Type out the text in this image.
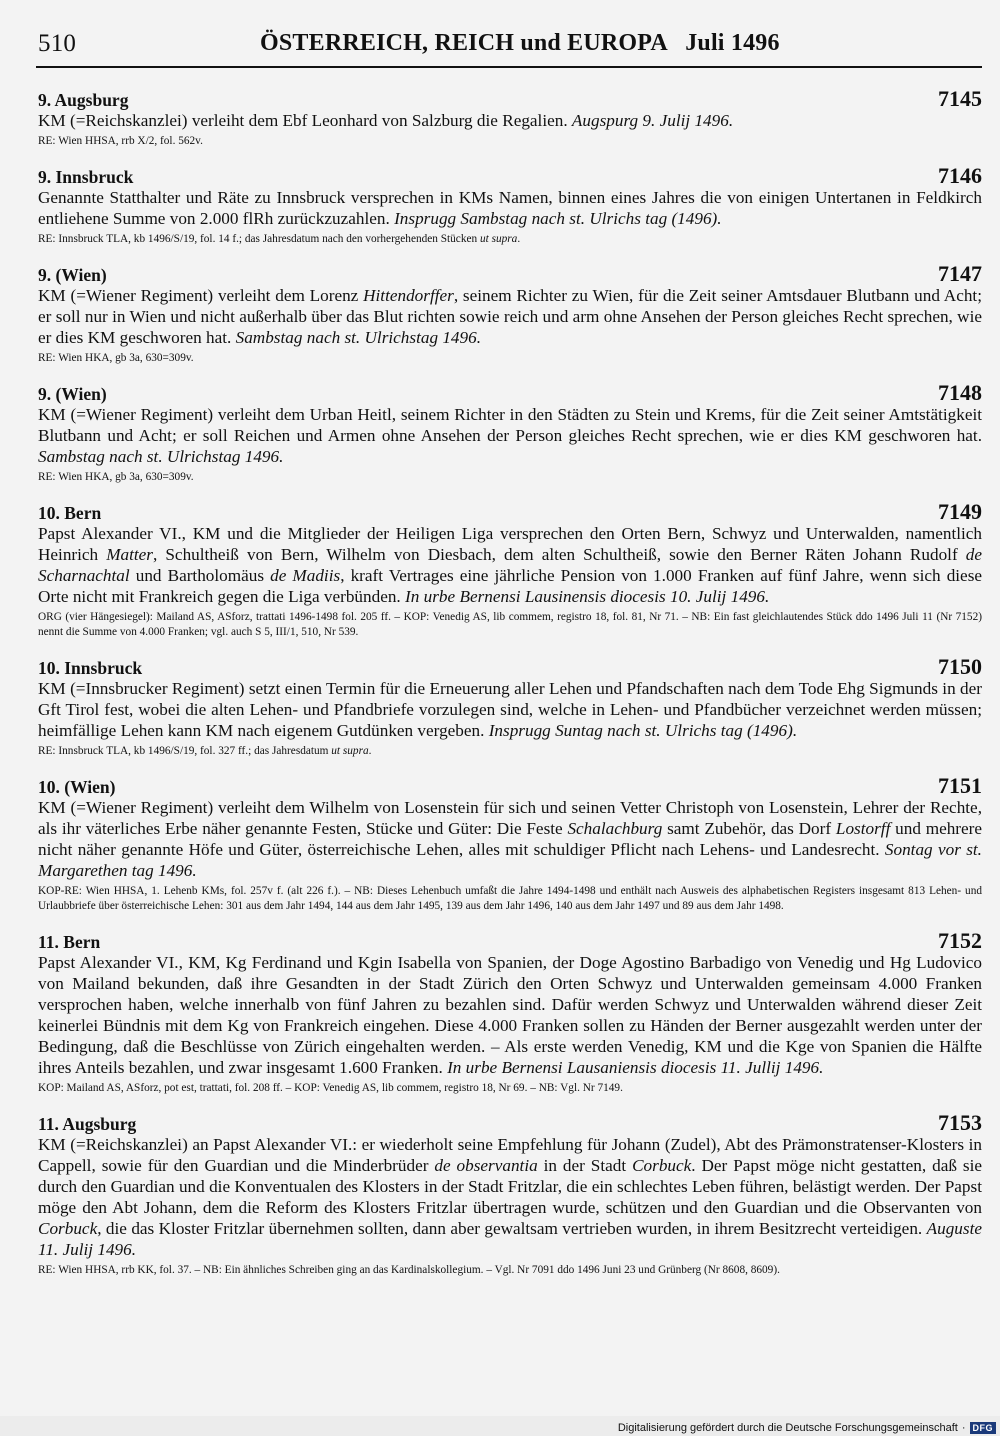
510	ÖSTERREICH, REICH und EUROPA   Juli 1496
9. Augsburg	7145
KM (=Reichskanzlei) verleiht dem Ebf Leonhard von Salzburg die Regalien. Augspurg 9. Julij 1496.
RE: Wien HHSA, rrb X/2, fol. 562v.
9. Innsbruck	7146
Genannte Statthalter und Räte zu Innsbruck versprechen in KMs Namen, binnen eines Jahres die von einigen Untertanen in Feldkirch entliehene Summe von 2.000 flRh zurückzuzahlen. Insprugg Sambstag nach st. Ulrichs tag (1496).
RE: Innsbruck TLA, kb 1496/S/19, fol. 14 f.; das Jahresdatum nach den vorhergehenden Stücken ut supra.
9. (Wien)	7147
KM (=Wiener Regiment) verleiht dem Lorenz Hittendorffer, seinem Richter zu Wien, für die Zeit seiner Amtsdauer Blutbann und Acht; er soll nur in Wien und nicht außerhalb über das Blut richten sowie reich und arm ohne Ansehen der Person gleiches Recht sprechen, wie er dies KM geschworen hat. Sambstag nach st. Ulrichstag 1496.
RE: Wien HKA, gb 3a, 630=309v.
9. (Wien)	7148
KM (=Wiener Regiment) verleiht dem Urban Heitl, seinem Richter in den Städten zu Stein und Krems, für die Zeit seiner Amtstätigkeit Blutbann und Acht; er soll Reichen und Armen ohne Ansehen der Person gleiches Recht sprechen, wie er dies KM geschworen hat. Sambstag nach st. Ulrichstag 1496.
RE: Wien HKA, gb 3a, 630=309v.
10. Bern	7149
Papst Alexander VI., KM und die Mitglieder der Heiligen Liga versprechen den Orten Bern, Schwyz und Unterwalden, namentlich Heinrich Matter, Schultheiß von Bern, Wilhelm von Diesbach, dem alten Schultheiß, sowie den Berner Räten Johann Rudolf de Scharnachtal und Bartholomäus de Madiis, kraft Vertrages eine jährliche Pension von 1.000 Franken auf fünf Jahre, wenn sich diese Orte nicht mit Frankreich gegen die Liga verbünden. In urbe Bernensi Lausinensis diocesis 10. Julij 1496.
ORG (vier Hängesiegel): Mailand AS, ASforz, trattati 1496-1498 fol. 205 ff. – KOP: Venedig AS, lib commem, registro 18, fol. 81, Nr 71. – NB: Ein fast gleichlautendes Stück ddo 1496 Juli 11 (Nr 7152) nennt die Summe von 4.000 Franken; vgl. auch S 5, III/1, 510, Nr 539.
10. Innsbruck	7150
KM (=Innsbrucker Regiment) setzt einen Termin für die Erneuerung aller Lehen und Pfandschaften nach dem Tode Ehg Sigmunds in der Gft Tirol fest, wobei die alten Lehen- und Pfandbriefe vorzulegen sind, welche in Lehen- und Pfandbücher verzeichnet werden müssen; heimfällige Lehen kann KM nach eigenem Gutdünken vergeben. Insprugg Suntag nach st. Ulrichs tag (1496).
RE: Innsbruck TLA, kb 1496/S/19, fol. 327 ff.; das Jahresdatum ut supra.
10. (Wien)	7151
KM (=Wiener Regiment) verleiht dem Wilhelm von Losenstein für sich und seinen Vetter Christoph von Losenstein, Lehrer der Rechte, als ihr väterliches Erbe näher genannte Festen, Stücke und Güter: Die Feste Schalachburg samt Zubehör, das Dorf Lostorff und mehrere nicht näher genannte Höfe und Güter, österreichische Lehen, alles mit schuldiger Pflicht nach Lehens- und Landesrecht. Sontag vor st. Margarethen tag 1496.
KOP-RE: Wien HHSA, 1. Lehenb KMs, fol. 257v f. (alt 226 f.). – NB: Dieses Lehenbuch umfaßt die Jahre 1494-1498 und enthält nach Ausweis des alphabetischen Registers insgesamt 813 Lehen- und Urlaubbriefe über österreichische Lehen: 301 aus dem Jahr 1494, 144 aus dem Jahr 1495, 139 aus dem Jahr 1496, 140 aus dem Jahr 1497 und 89 aus dem Jahr 1498.
11. Bern	7152
Papst Alexander VI., KM, Kg Ferdinand und Kgin Isabella von Spanien, der Doge Agostino Barbadigo von Venedig und Hg Ludovico von Mailand bekunden, daß ihre Gesandten in der Stadt Zürich den Orten Schwyz und Unterwalden gemeinsam 4.000 Franken versprochen haben, welche innerhalb von fünf Jahren zu bezahlen sind. Dafür werden Schwyz und Unterwalden während dieser Zeit keinerlei Bündnis mit dem Kg von Frankreich eingehen. Diese 4.000 Franken sollen zu Händen der Berner ausgezahlt werden unter der Bedingung, daß die Beschlüsse von Zürich eingehalten werden. – Als erste werden Venedig, KM und die Kge von Spanien die Hälfte ihres Anteils bezahlen, und zwar insgesamt 1.600 Franken. In urbe Bernensi Lausaniensis diocesis 11. Jullij 1496.
KOP: Mailand AS, ASforz, pot est, trattati, fol. 208 ff. – KOP: Venedig AS, lib commem, registro 18, Nr 69. – NB: Vgl. Nr 7149.
11. Augsburg	7153
KM (=Reichskanzlei) an Papst Alexander VI.: er wiederholt seine Empfehlung für Johann (Zudel), Abt des Prämonstratenser-Klosters in Cappell, sowie für den Guardian und die Minderbrüder de observantia in der Stadt Corbuck. Der Papst möge nicht gestatten, daß sie durch den Guardian und die Konventualen des Klosters in der Stadt Fritzlar, die ein schlechtes Leben führen, belästigt werden. Der Papst möge den Abt Johann, dem die Reform des Klosters Fritzlar übertragen wurde, schützen und den Guardian und die Observanten von Corbuck, die das Kloster Fritzlar übernehmen sollten, dann aber gewaltsam vertrieben wurden, in ihrem Besitzrecht verteidigen. Auguste 11. Julij 1496.
RE: Wien HHSA, rrb KK, fol. 37. – NB: Ein ähnliches Schreiben ging an das Kardinalskollegium. – Vgl. Nr 7091 ddo 1496 Juni 23 und Grünberg (Nr 8608, 8609).
Digitalisierung gefördert durch die Deutsche Forschungsgemeinschaft · DFG
